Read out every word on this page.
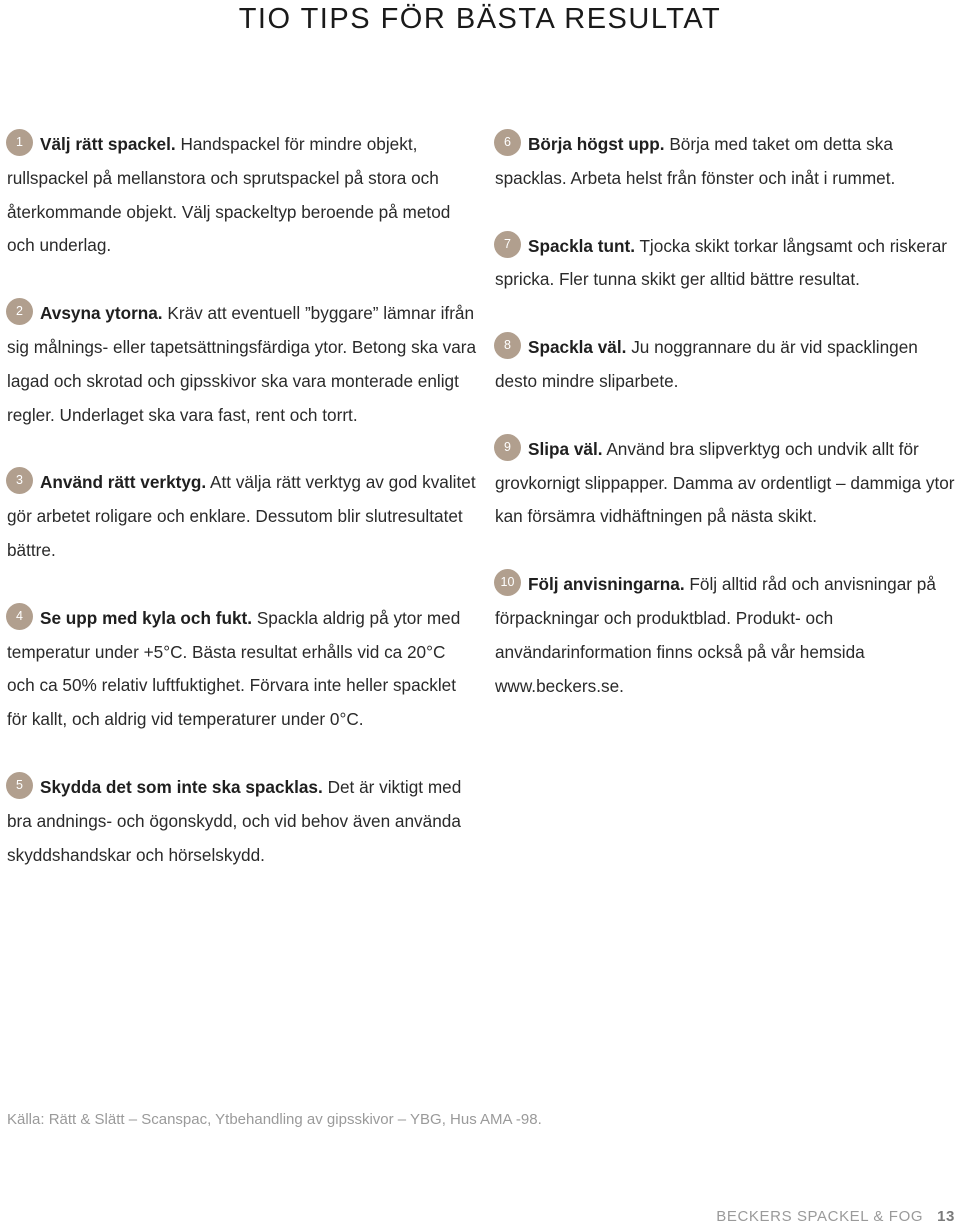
TIO TIPS FÖR BÄSTA RESULTAT

1 Välj rätt spackel. Handspackel för mindre objekt, rullspackel på mellanstora och sprutspackel på stora och återkommande objekt. Välj spackeltyp beroende på metod och underlag.

2 Avsyna ytorna. Kräv att eventuell ”byggare” lämnar ifrån sig målnings- eller tapetsättningsfärdiga ytor. Betong ska vara lagad och skrotad och gipsskivor ska vara monterade enligt regler. Underlaget ska vara fast, rent och torrt.

3 Använd rätt verktyg. Att välja rätt verktyg av god kvalitet gör arbetet roligare och enklare. Dessutom blir slutresultatet bättre.

4 Se upp med kyla och fukt. Spackla aldrig på ytor med temperatur under +5°C. Bästa resultat erhålls vid ca 20°C och ca 50% relativ luftfuktighet. Förvara inte heller spacklet för kallt, och aldrig vid temperaturer under 0°C.

5 Skydda det som inte ska spacklas. Det är viktigt med bra andnings- och ögonskydd, och vid behov även använda skyddshandskar och hörselskydd.

6 Börja högst upp. Börja med taket om detta ska spacklas. Arbeta helst från fönster och inåt i rummet.

7 Spackla tunt. Tjocka skikt torkar långsamt och riskerar spricka. Fler tunna skikt ger alltid bättre resultat.

8 Spackla väl. Ju noggrannare du är vid spacklingen desto mindre sliparbete.

9 Slipa väl. Använd bra slipverktyg och undvik allt för grovkornigt slippapper. Damma av ordentligt – dammiga ytor kan försämra vidhäftningen på nästa skikt.

10 Följ anvisningarna. Följ alltid råd och anvisningar på förpackningar och produktblad. Produkt- och användarinformation finns också på vår hemsida www.beckers.se.

Källa: Rätt & Slätt – Scanspac, Ytbehandling av gipsskivor – YBG, Hus AMA -98.

BECKERS SPACKEL & FOG 13
